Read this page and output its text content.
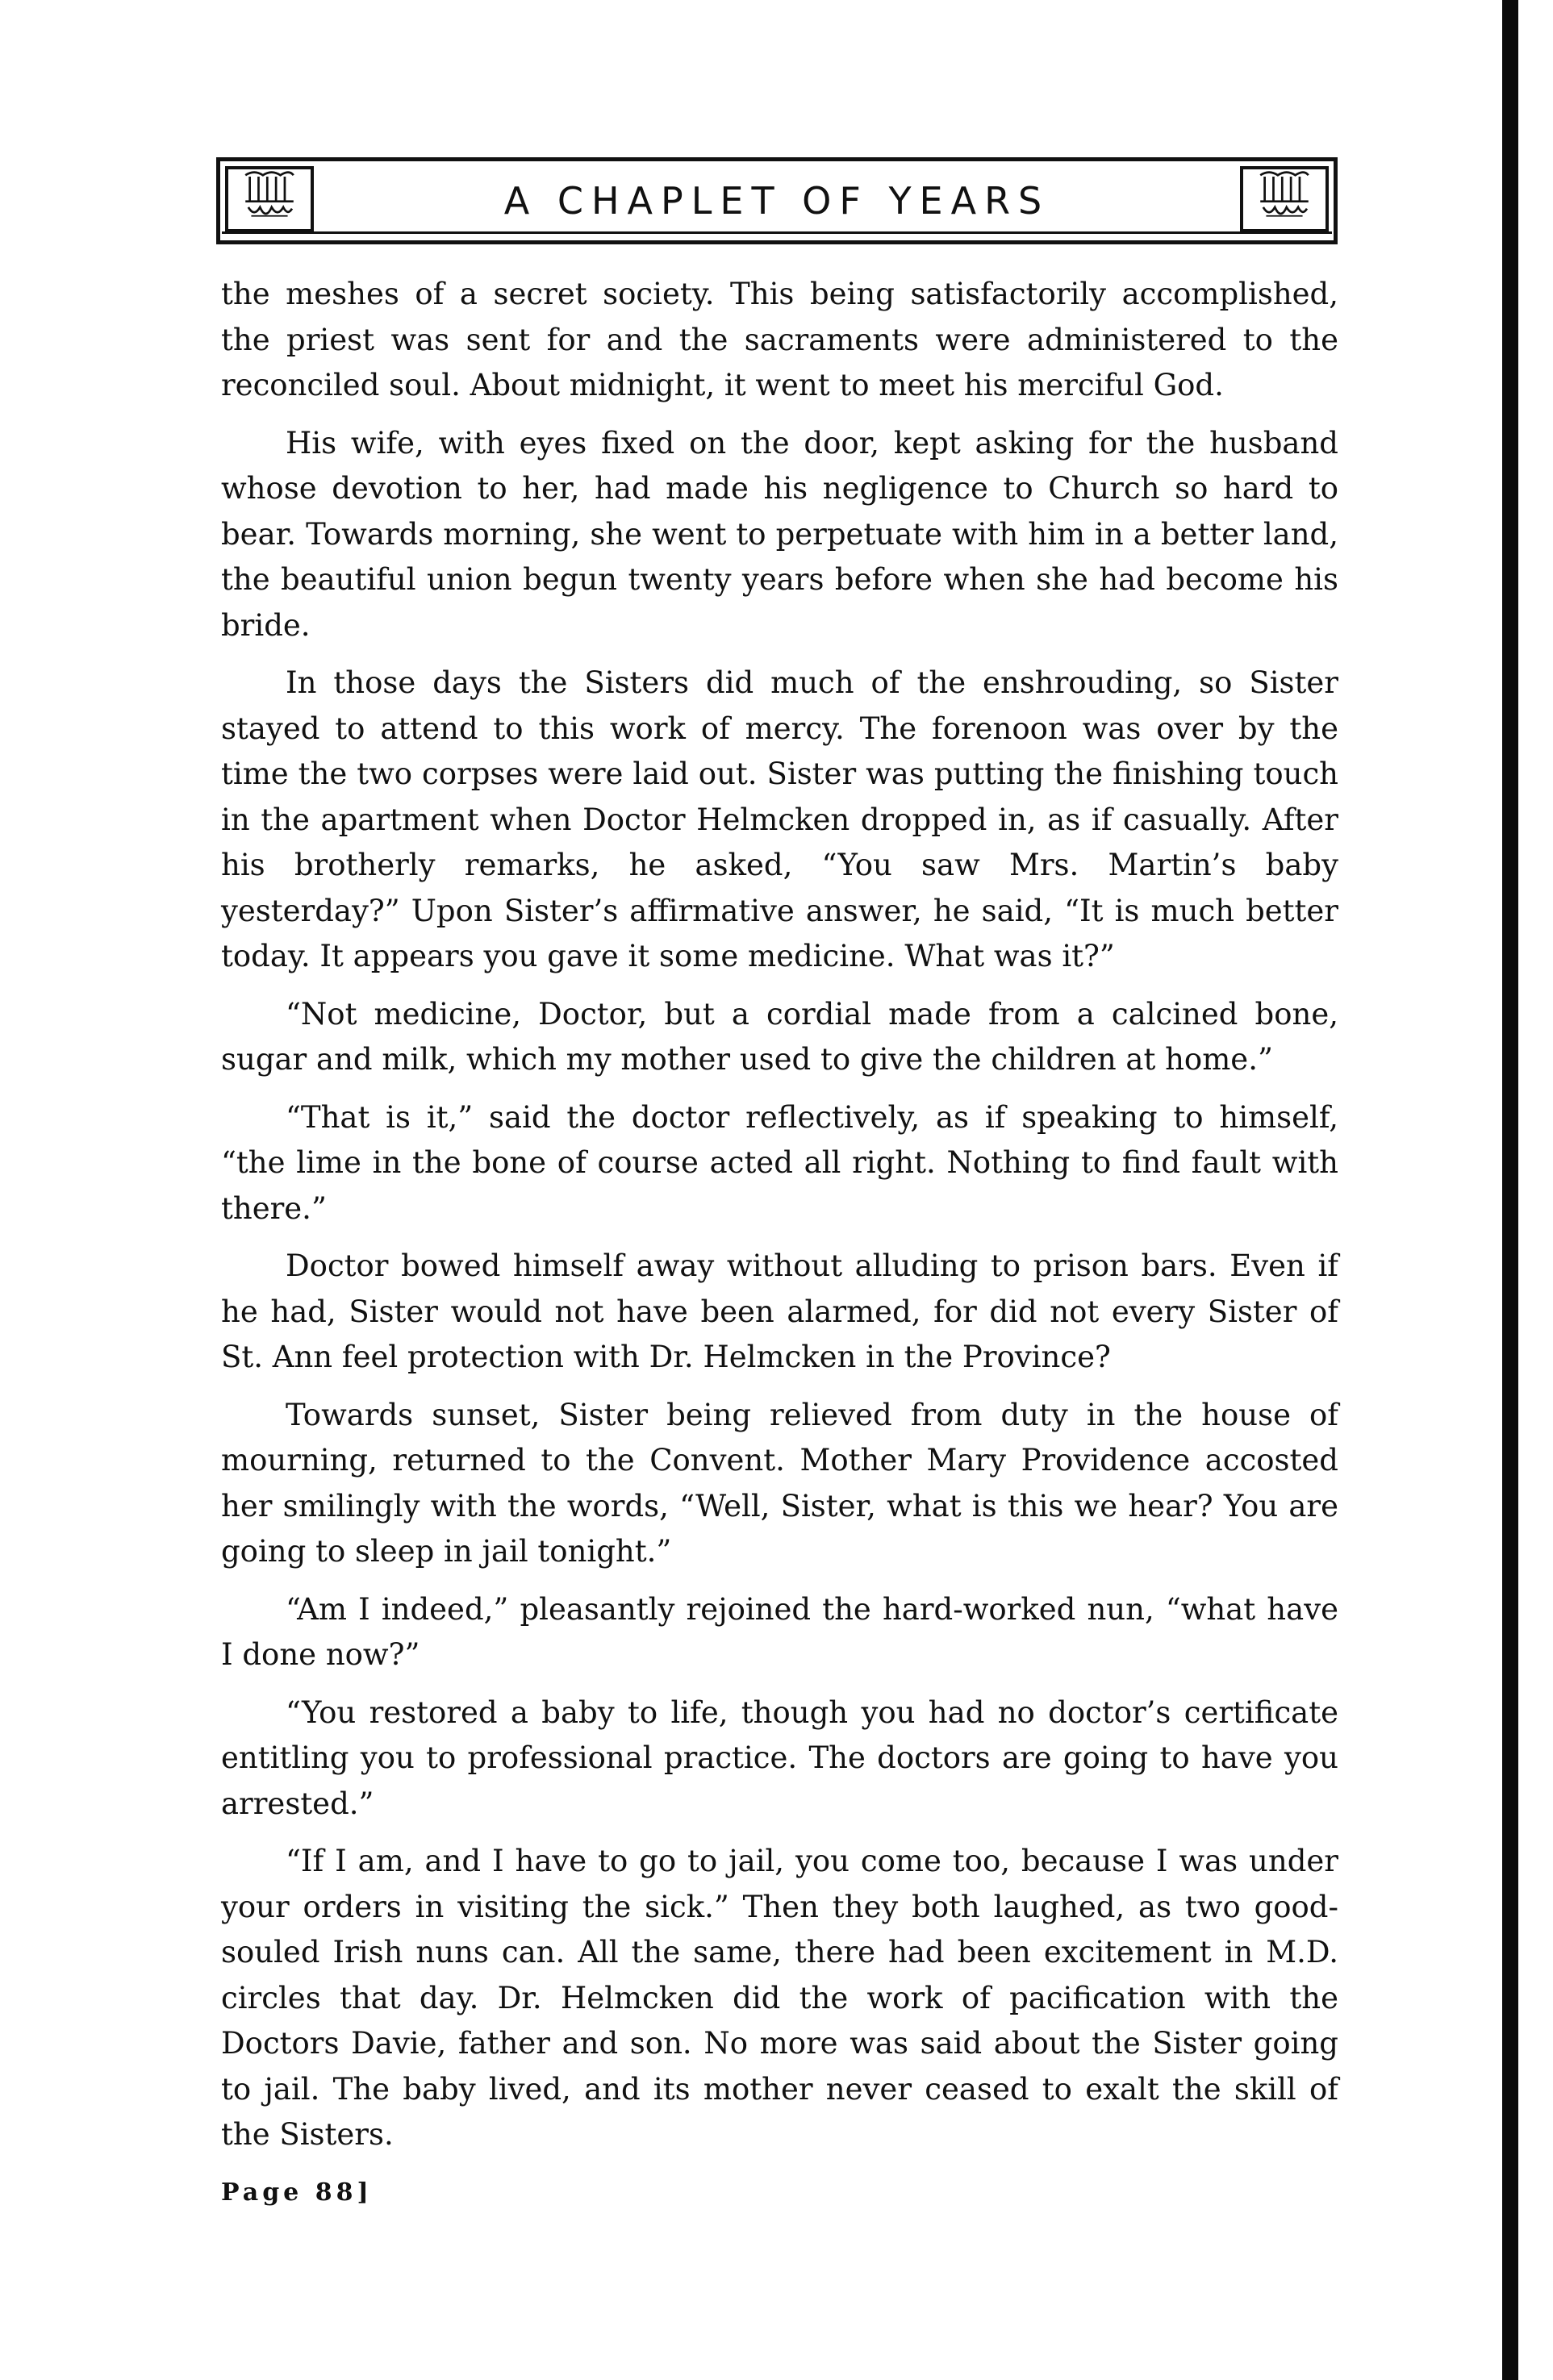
A CHAPLET OF YEARS

the meshes of a secret society. This being satisfactorily accomplished, the priest was sent for and the sacraments were administered to the reconciled soul. About midnight, it went to meet his merciful God.

His wife, with eyes fixed on the door, kept asking for the husband whose devotion to her, had made his negligence to Church so hard to bear. Towards morning, she went to perpetuate with him in a better land, the beautiful union begun twenty years before when she had become his bride.

In those days the Sisters did much of the enshrouding, so Sister stayed to attend to this work of mercy. The forenoon was over by the time the two corpses were laid out. Sister was putting the finishing touch in the apartment when Doctor Helmcken dropped in, as if casually. After his brotherly remarks, he asked, “You saw Mrs. Martin’s baby yesterday?” Upon Sister’s affirmative answer, he said, “It is much better today. It appears you gave it some medicine. What was it?”

“Not medicine, Doctor, but a cordial made from a calcined bone, sugar and milk, which my mother used to give the children at home.”

“That is it,” said the doctor reflectively, as if speaking to himself, “the lime in the bone of course acted all right. Nothing to find fault with there.”

Doctor bowed himself away without alluding to prison bars. Even if he had, Sister would not have been alarmed, for did not every Sister of St. Ann feel protection with Dr. Helmcken in the Province?

Towards sunset, Sister being relieved from duty in the house of mourning, returned to the Convent. Mother Mary Providence accosted her smilingly with the words, “Well, Sister, what is this we hear? You are going to sleep in jail tonight.”

“Am I indeed,” pleasantly rejoined the hard-worked nun, “what have I done now?”

“You restored a baby to life, though you had no doctor’s certificate entitling you to professional practice. The doctors are going to have you arrested.”

“If I am, and I have to go to jail, you come too, because I was under your orders in visiting the sick.” Then they both laughed, as two good-souled Irish nuns can. All the same, there had been excitement in M.D. circles that day. Dr. Helmcken did the work of pacification with the Doctors Davie, father and son. No more was said about the Sister going to jail. The baby lived, and its mother never ceased to exalt the skill of the Sisters.

Page 88]
